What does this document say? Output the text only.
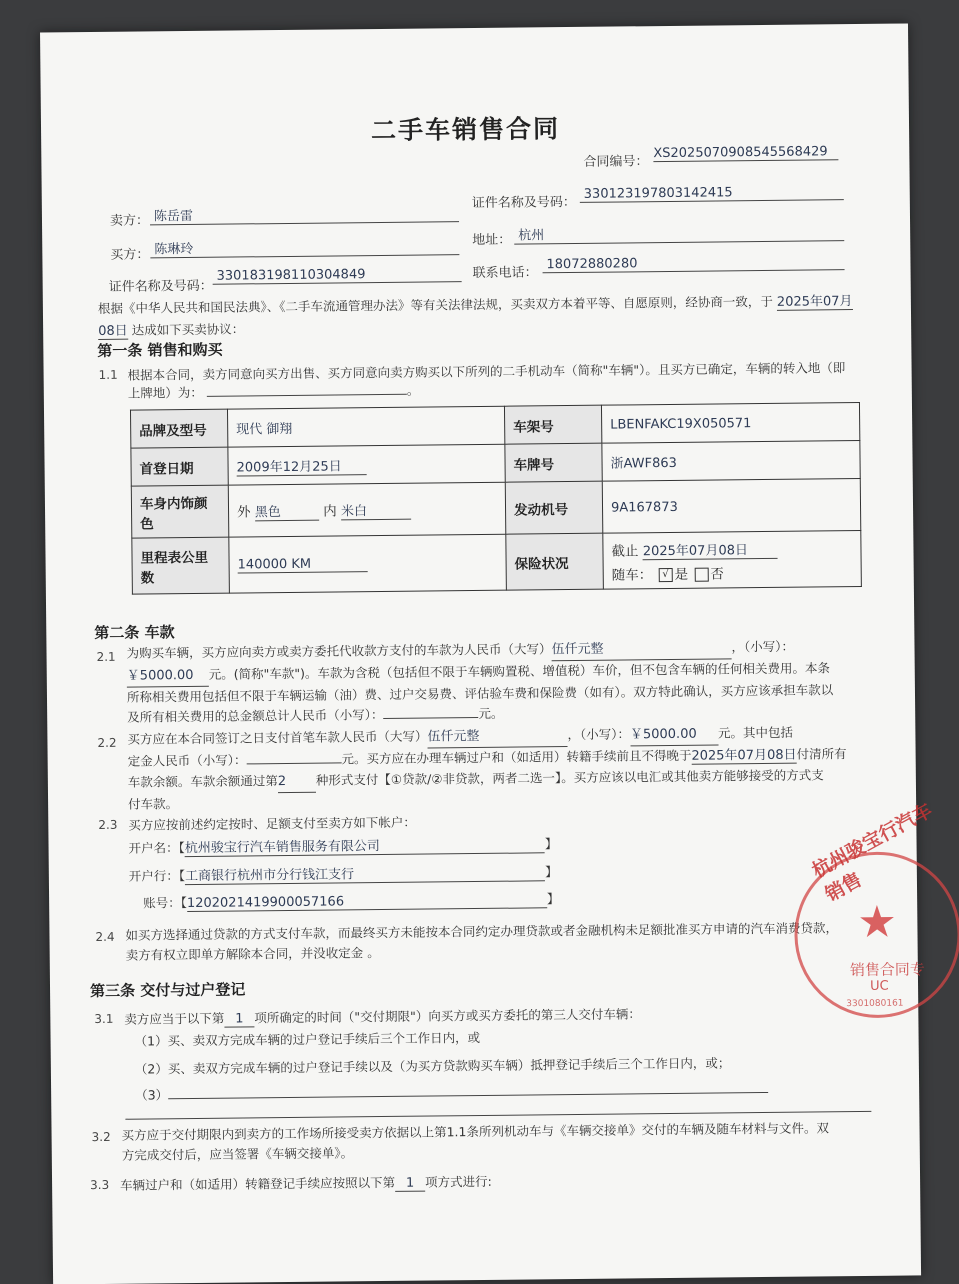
二手车销售合同
合同编号：
XS2025070908545568429
卖方： 陈岳雷
证件名称及号码：
330123197803142415
买方： 陈琳玲
地址： 杭州
证件名称及号码：
330183198110304849	联系电话：
18072880280
根据《中华人民共和国民法典》、《二手车流通管理办法》等有关法律法规，买卖双方本着平等、自愿原则，经协商一致，于 2025年07月
08日 达成如下买卖协议：
第一条 销售和购买
1.1 根据本合同，卖方同意向买方出售、买方同意向卖方购买以下所列的二手机动车（简称"车辆"）。且买方已确定，车辆的转入地（即
上牌地）为：	。
品牌及型号	现代 御翔	车架号	LBENFAKC19X050571
首登日期	2009年12月25日	车牌号	浙AWF863
车身内饰颜色	外 黑色 内 米白	发动机号	9A167873
里程表公里数	140000 KM	保险状况	截止 2025年07月08日
随车： √ 是 否
第二条 车款
2.1 为购买车辆，买方应向卖方或卖方委托代收款方支付的车款为人民币（大写）伍仟元整	，（小写）：
￥5000.00 元。(简称"车款")。车款为含税（包括但不限于车辆购置税、增值税）车价，但不包含车辆的任何相关费用。本条
所称相关费用包括但不限于车辆运输（油）费、过户交易费、评估验车费和保险费（如有）。双方特此确认，买方应该承担车款以
及所有相关费用的总金额总计人民币（小写）：	元。
2.2 买方应在本合同签订之日支付首笔车款人民币（大写）伍仟元整	，（小写）：￥5000.00 元。其中包括
定金人民币（小写）：	元。买方应在办理车辆过户和（如适用）转籍手续前且不得晚于2025年07月08日付清所有
车款余额。车款余额通过第2 种形式支付【①贷款/②非贷款，两者二选一】。买方应该以电汇或其他卖方能够接受的方式支
付车款。
2.3 买方应按前述约定按时、足额支付至卖方如下帐户：
开户名：【杭州骏宝行汽车销售服务有限公司	】
开户行：【工商银行杭州市分行钱江支行	】
账号：【1202021419900057166	】
2.4 如买方选择通过贷款的方式支付车款，而最终买方未能按本合同约定办理贷款或者金融机构未足额批准买方申请的汽车消费贷款，
卖方有权立即单方解除本合同，并没收定金 。
第三条 交付与过户登记
3.1 卖方应当于以下第 1 项所确定的时间（"交付期限"）向买方或买方委托的第三人交付车辆：
（1）买、卖双方完成车辆的过户登记手续后三个工作日内，或
（2）买、卖双方完成车辆的过户登记手续以及（为买方贷款购买车辆）抵押登记手续后三个工作日内，或；
（3）
3.2 买方应于交付期限内到卖方的工作场所接受卖方依据以上第1.1条所列机动车与《车辆交接单》交付的车辆及随车材料与文件。双
方完成交付后，应当签署《车辆交接单》。
3.3 车辆过户和（如适用）转籍登记手续应按照以下第 1 项方式进行:
杭州骏宝行汽车销售
★
销售合同专
UC
3301080161
